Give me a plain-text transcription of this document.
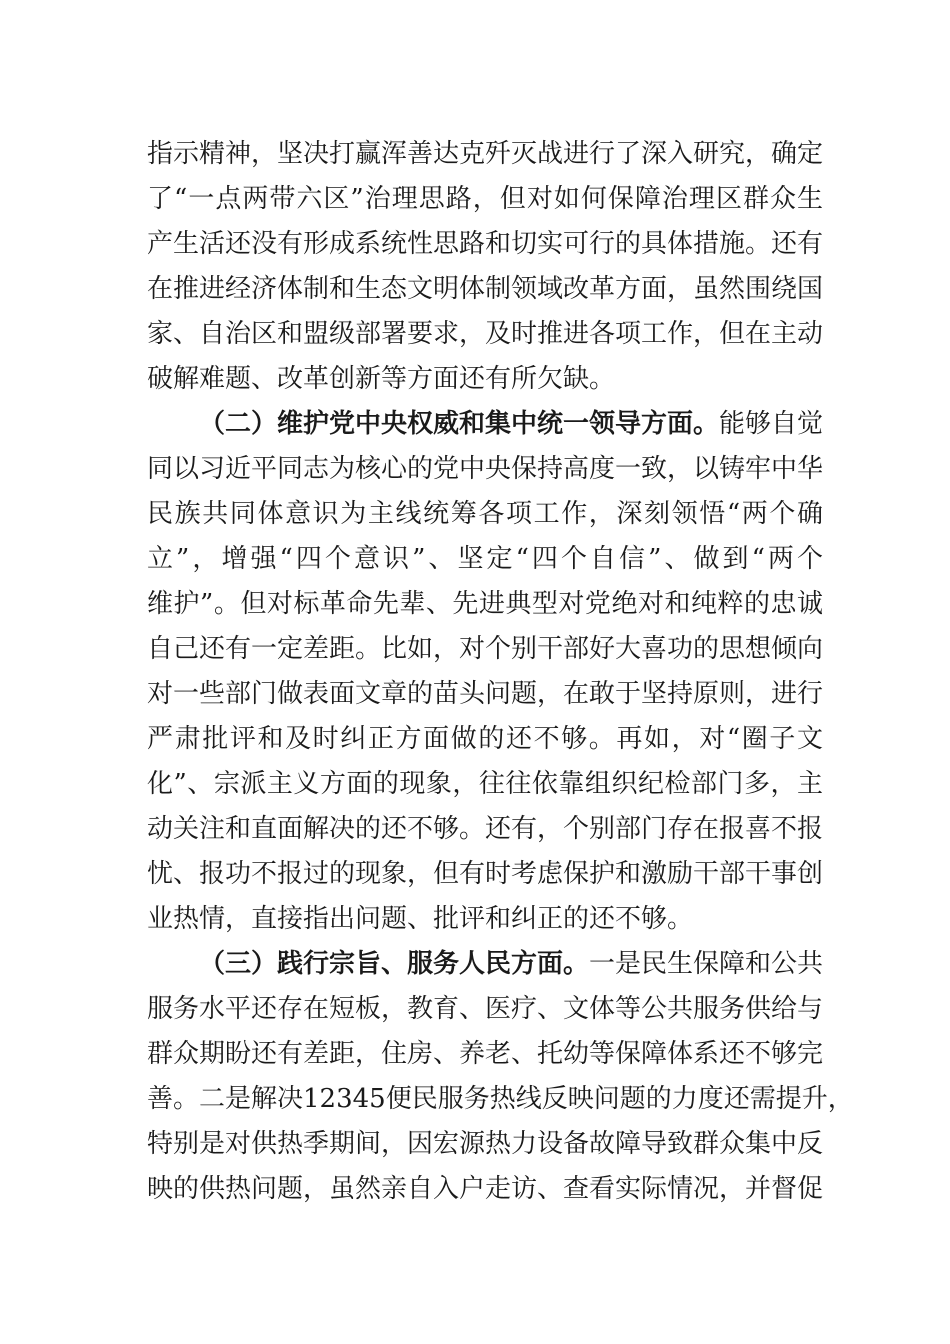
指示精神，坚决打赢浑善达克歼灭战进行了深入研究，确定
了“一点两带六区”治理思路，但对如何保障治理区群众生
产生活还没有形成系统性思路和切实可行的具体措施。还有
在推进经济体制和生态文明体制领域改革方面，虽然围绕国
家、自治区和盟级部署要求，及时推进各项工作，但在主动
破解难题、改革创新等方面还有所欠缺。
（二）维护党中央权威和集中统一领导方面。能够自觉
同以习近平同志为核心的党中央保持高度一致，以铸牢中华
民族共同体意识为主线统筹各项工作，深刻领悟“两个确
立”，增强“四个意识”、坚定“四个自信”、做到“两个
维护”。但对标革命先辈、先进典型对党绝对和纯粹的忠诚
自己还有一定差距。比如，对个别干部好大喜功的思想倾向
对一些部门做表面文章的苗头问题，在敢于坚持原则，进行
严肃批评和及时纠正方面做的还不够。再如，对“圈子文
化”、宗派主义方面的现象，往往依靠组织纪检部门多，主
动关注和直面解决的还不够。还有，个别部门存在报喜不报
忧、报功不报过的现象，但有时考虑保护和激励干部干事创
业热情，直接指出问题、批评和纠正的还不够。
（三）践行宗旨、服务人民方面。一是民生保障和公共
服务水平还存在短板，教育、医疗、文体等公共服务供给与
群众期盼还有差距，住房、养老、托幼等保障体系还不够完
善。二是解决12345便民服务热线反映问题的力度还需提升，
特别是对供热季期间，因宏源热力设备故障导致群众集中反
映的供热问题，虽然亲自入户走访、查看实际情况，并督促
